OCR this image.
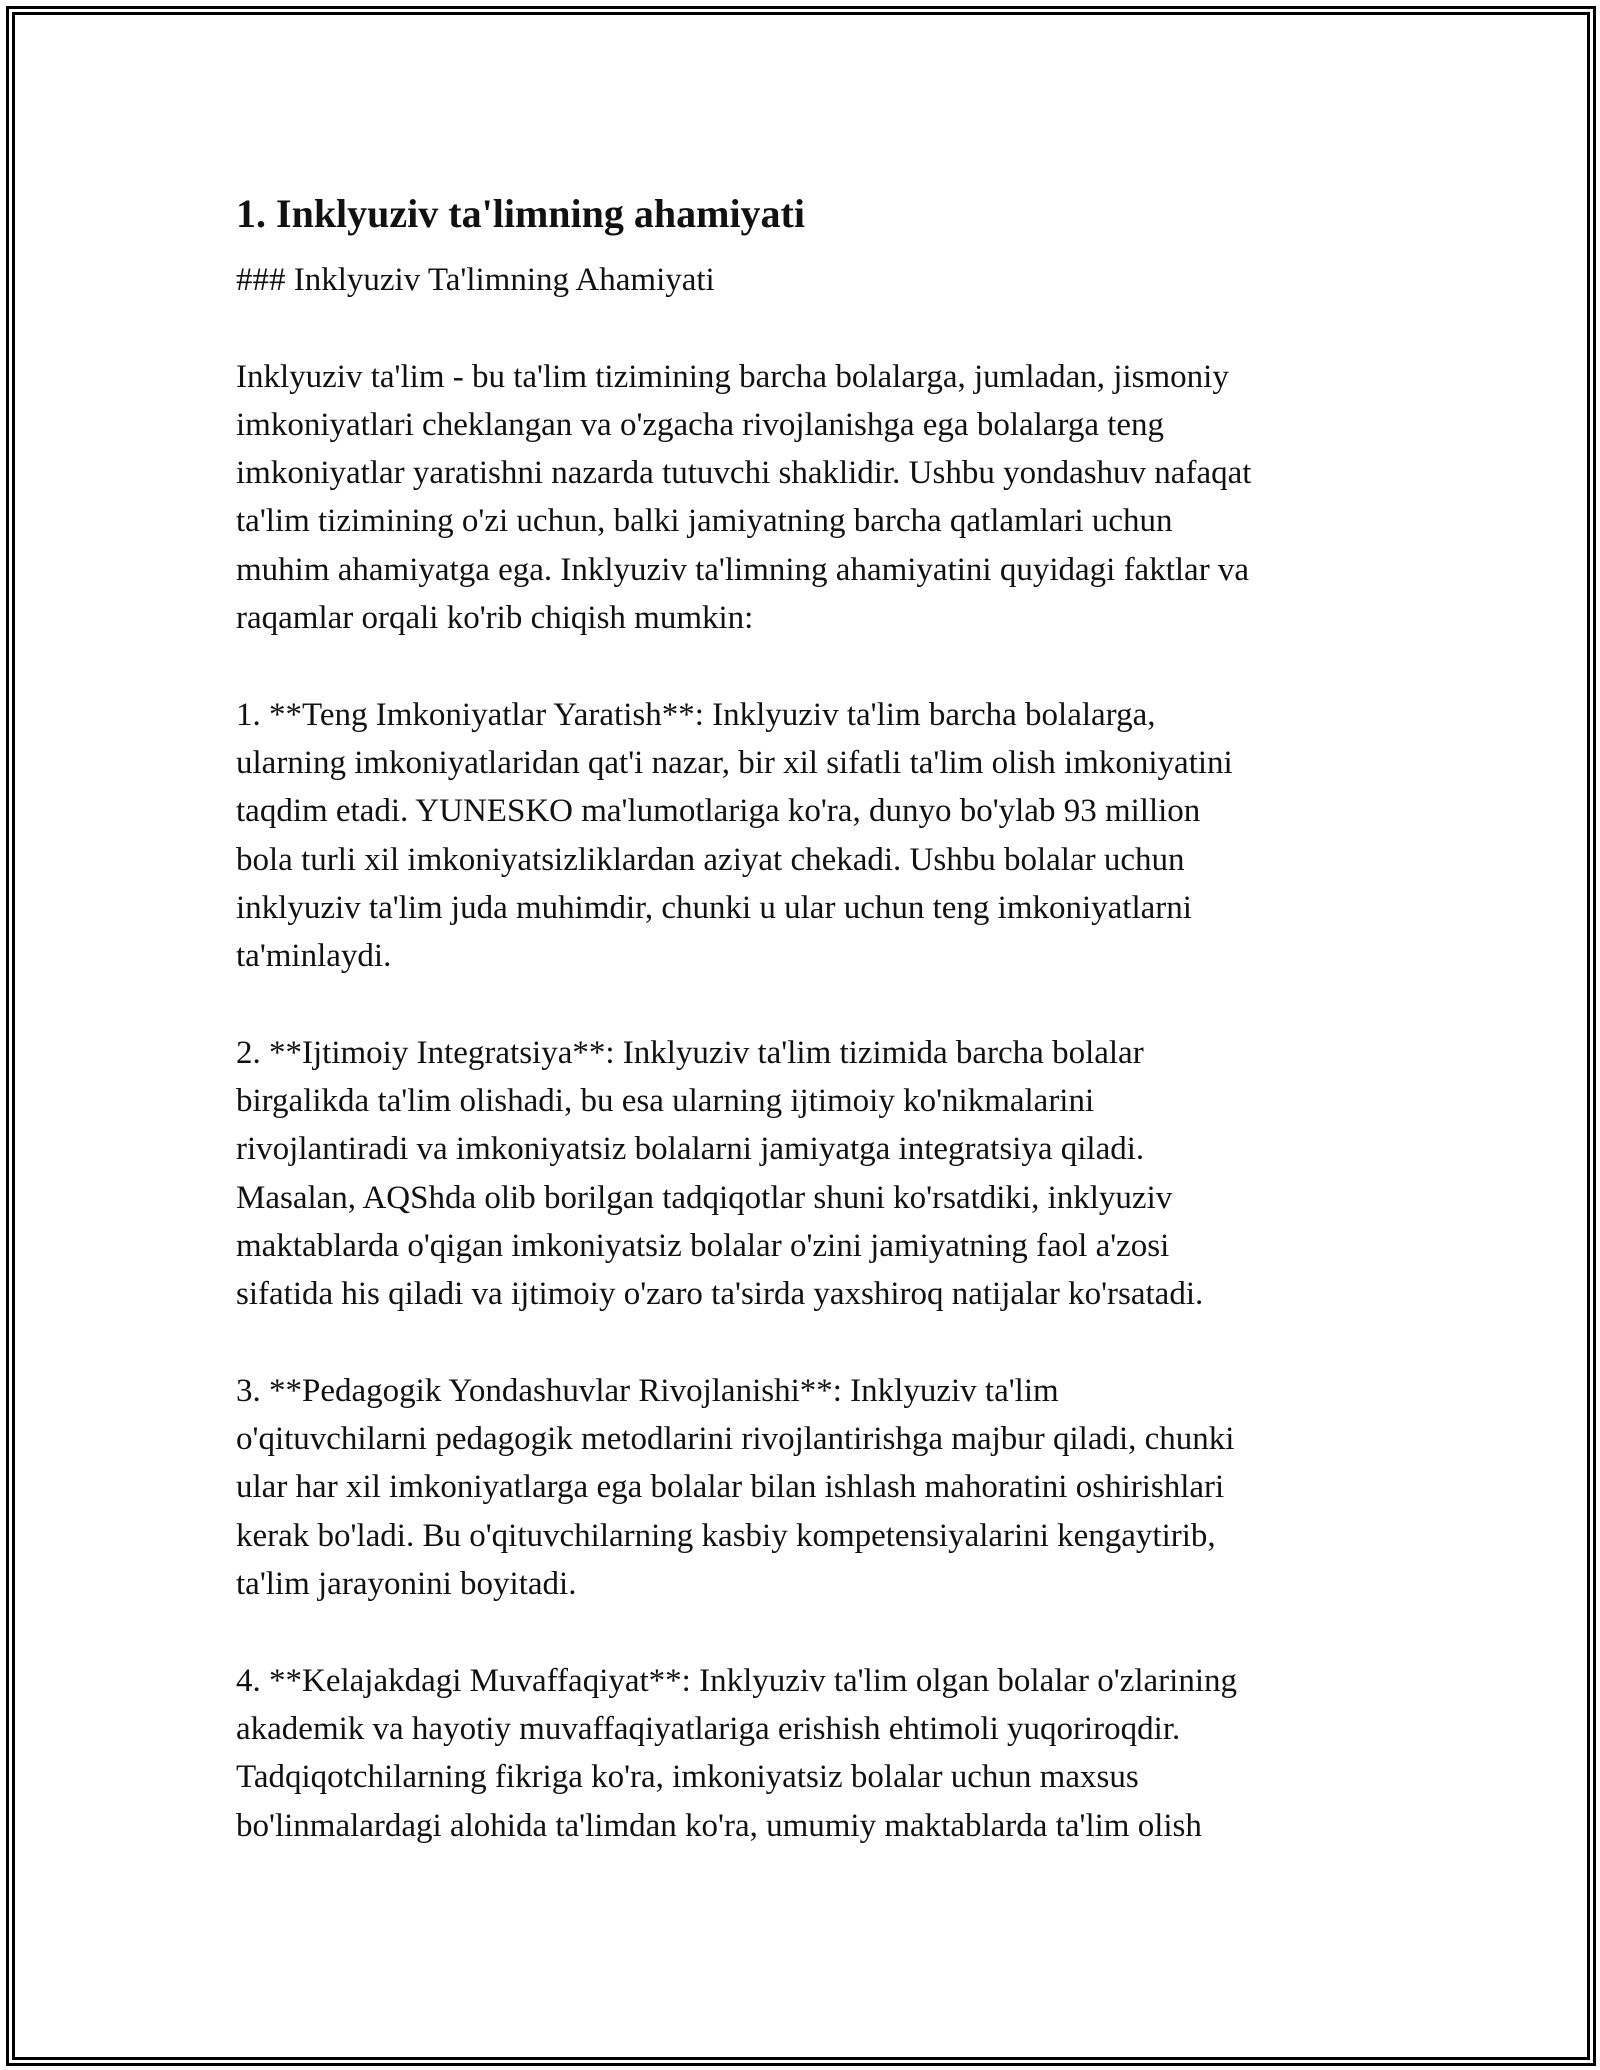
1. Inklyuziv ta'limning ahamiyati

### Inklyuziv Ta'limning Ahamiyati

Inklyuziv ta'lim - bu ta'lim tizimining barcha bolalarga, jumladan, jismoniy
imkoniyatlari cheklangan va o'zgacha rivojlanishga ega bolalarga teng
imkoniyatlar yaratishni nazarda tutuvchi shaklidir. Ushbu yondashuv nafaqat
ta'lim tizimining o'zi uchun, balki jamiyatning barcha qatlamlari uchun
muhim ahamiyatga ega. Inklyuziv ta'limning ahamiyatini quyidagi faktlar va
raqamlar orqali ko'rib chiqish mumkin:

1. **Teng Imkoniyatlar Yaratish**: Inklyuziv ta'lim barcha bolalarga,
ularning imkoniyatlaridan qat'i nazar, bir xil sifatli ta'lim olish imkoniyatini
taqdim etadi. YUNESKO ma'lumotlariga ko'ra, dunyo bo'ylab 93 million
bola turli xil imkoniyatsizliklardan aziyat chekadi. Ushbu bolalar uchun
inklyuziv ta'lim juda muhimdir, chunki u ular uchun teng imkoniyatlarni
ta'minlaydi.

2. **Ijtimoiy Integratsiya**: Inklyuziv ta'lim tizimida barcha bolalar
birgalikda ta'lim olishadi, bu esa ularning ijtimoiy ko'nikmalarini
rivojlantiradi va imkoniyatsiz bolalarni jamiyatga integratsiya qiladi.
Masalan, AQShda olib borilgan tadqiqotlar shuni ko'rsatdiki, inklyuziv
maktablarda o'qigan imkoniyatsiz bolalar o'zini jamiyatning faol a'zosi
sifatida his qiladi va ijtimoiy o'zaro ta'sirda yaxshiroq natijalar ko'rsatadi.

3. **Pedagogik Yondashuvlar Rivojlanishi**: Inklyuziv ta'lim
o'qituvchilarni pedagogik metodlarini rivojlantirishga majbur qiladi, chunki
ular har xil imkoniyatlarga ega bolalar bilan ishlash mahoratini oshirishlari
kerak bo'ladi. Bu o'qituvchilarning kasbiy kompetensiyalarini kengaytirib,
ta'lim jarayonini boyitadi.

4. **Kelajakdagi Muvaffaqiyat**: Inklyuziv ta'lim olgan bolalar o'zlarining
akademik va hayotiy muvaffaqiyatlariga erishish ehtimoli yuqoriroqdir.
Tadqiqotchilarning fikriga ko'ra, imkoniyatsiz bolalar uchun maxsus
bo'linmalardagi alohida ta'limdan ko'ra, umumiy maktablarda ta'lim olish
